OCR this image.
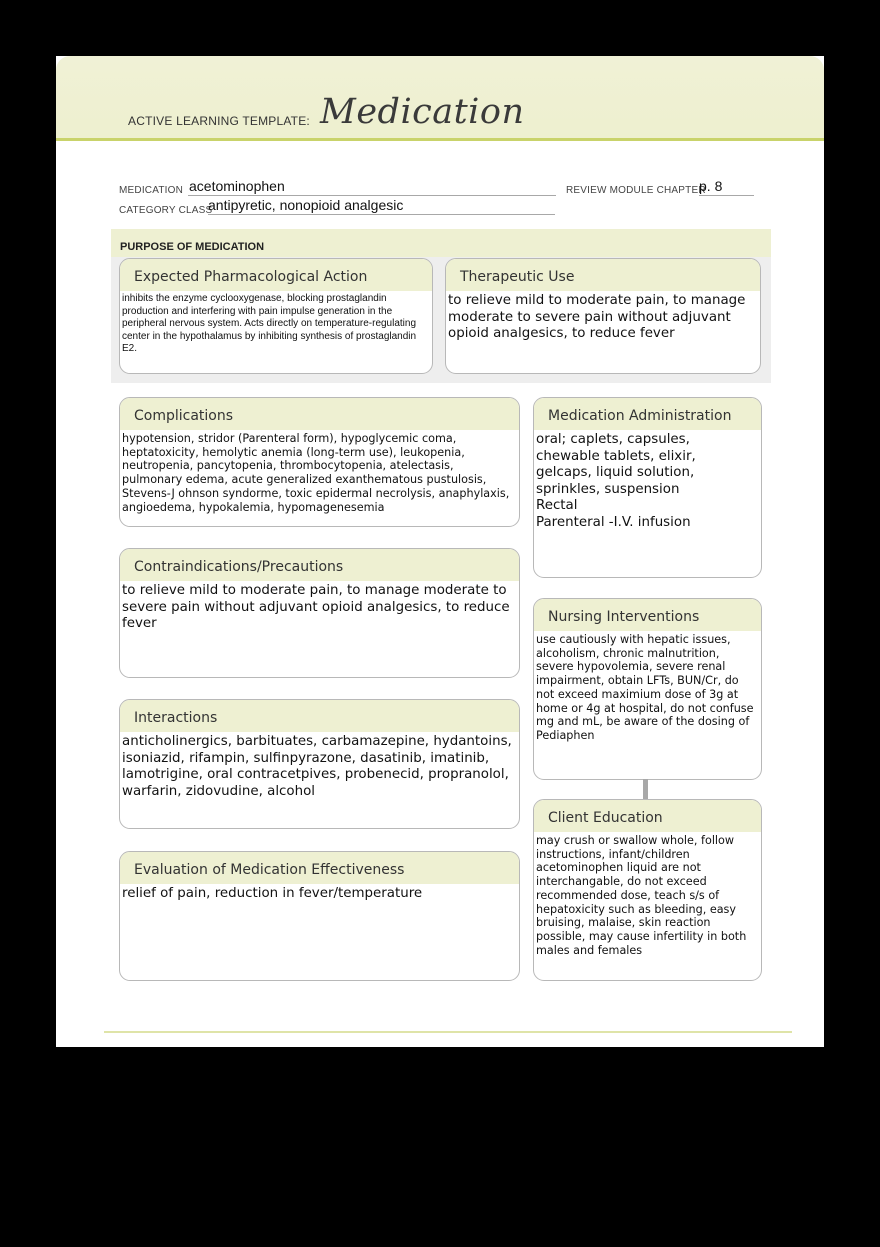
ACTIVE LEARNING TEMPLATE: Medication
MEDICATION acetominophen	REVIEW MODULE CHAPTER
p. 8
CATEGORY CLASS
antipyretic, nonopioid analgesic
PURPOSE OF MEDICATION
Expected Pharmacological Action
inhibits the enzyme cyclooxygenase, blocking prostaglandin production and interfering with pain impulse generation in the peripheral nervous system. Acts directly on temperature-regulating center in the hypothalamus by inhibiting synthesis of prostaglandin E2.
Therapeutic Use
to relieve mild to moderate pain, to manage moderate to severe pain without adjuvant opioid analgesics, to reduce fever
Complications
hypotension, stridor (Parenteral form), hypoglycemic coma, heptatoxicity, hemolytic anemia (long-term use), leukopenia, neutropenia, pancytopenia, thrombocytopenia, atelectasis, pulmonary edema, acute generalized exanthematous pustulosis, Stevens-J ohnson syndorme, toxic epidermal necrolysis, anaphylaxis, angioedema, hypokalemia, hypomagenesemia
Contraindications/Precautions
to relieve mild to moderate pain, to manage moderate to severe pain without adjuvant opioid analgesics, to reduce fever
Interactions
anticholinergics, barbituates, carbamazepine, hydantoins, isoniazid, rifampin, sulfinpyrazone, dasatinib, imatinib, lamotrigine, oral contracetpives, probenecid, propranolol, warfarin, zidovudine, alcohol
Evaluation of Medication Effectiveness
relief of pain, reduction in fever/temperature
Medication Administration
oral; caplets, capsules,
chewable tablets, elixir,
gelcaps, liquid solution,
sprinkles, suspension
Rectal
Parenteral -I.V. infusion
Nursing Interventions
use cautiously with hepatic issues, alcoholism, chronic malnutrition, severe hypovolemia, severe renal impairment, obtain LFTs, BUN/Cr, do not exceed maximium dose of 3g at home or 4g at hospital, do not confuse mg and mL, be aware of the dosing of Pediaphen
Client Education
may crush or swallow whole, follow instructions, infant/children acetominophen liquid are not interchangable, do not exceed recommended dose, teach s/s of hepatoxicity such as bleeding, easy bruising, malaise, skin reaction possible, may cause infertility in both males and females
